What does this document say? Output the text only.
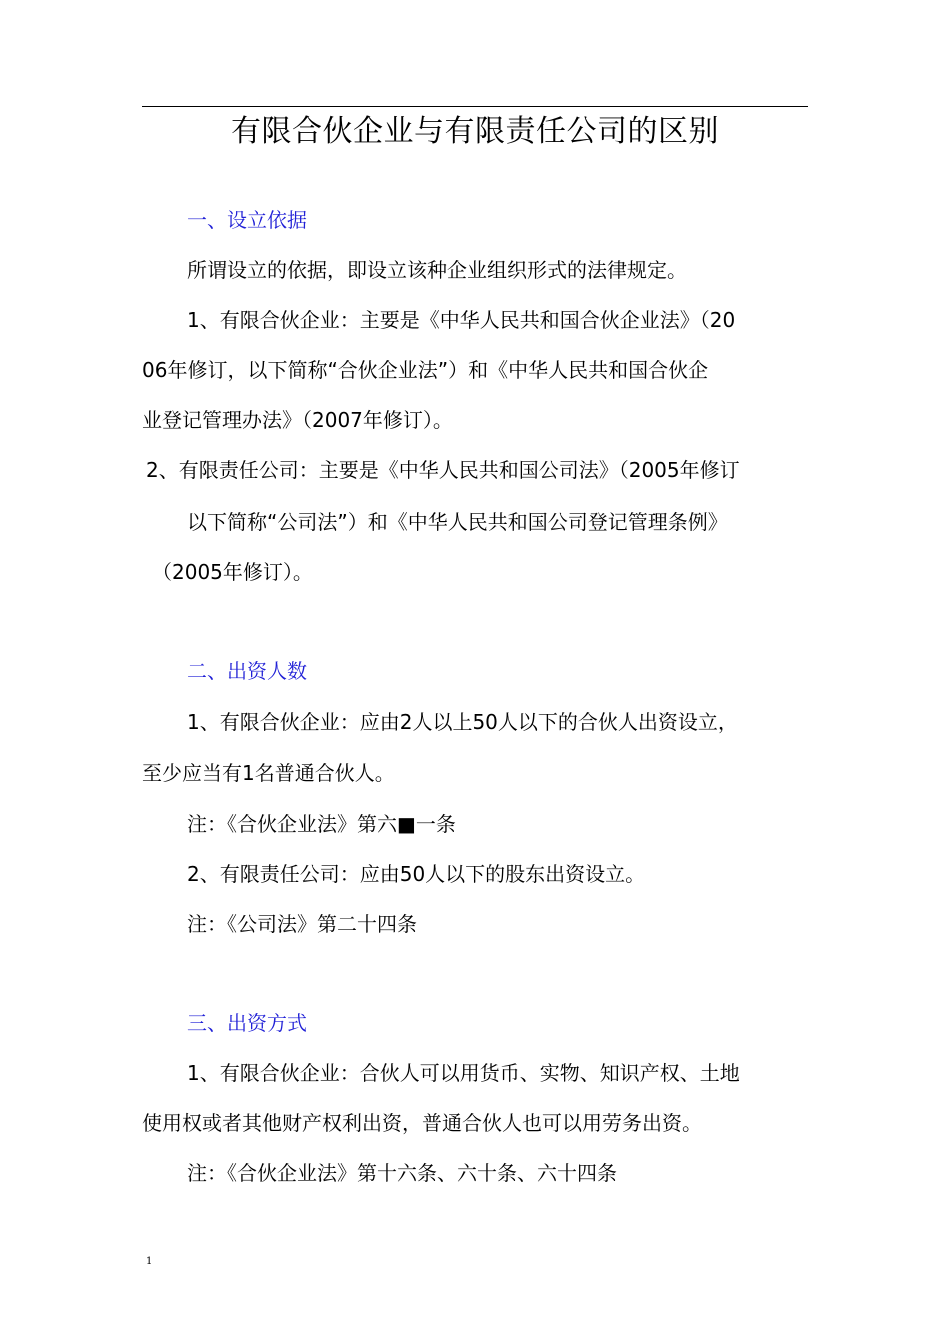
有限合伙企业与有限责任公司的区别
一、设立依据
所谓设立的依据，即设立该种企业组织形式的法律规定。
1、有限合伙企业：主要是《中华人民共和国合伙企业法》（20
06年修订，以下简称“合伙企业法”）和《中华人民共和国合伙企
业登记管理办法》（2007年修订）。
2、有限责任公司：主要是《中华人民共和国公司法》（2005年修订
以下简称“公司法”）和《中华人民共和国公司登记管理条例》
（2005年修订）。
二、出资人数
1、有限合伙企业：应由2人以上50人以下的合伙人出资设立，
至少应当有1名普通合伙人。
注：《合伙企业法》第六■一条
2、有限责任公司：应由50人以下的股东出资设立。
注：《公司法》第二十四条
三、出资方式
1、有限合伙企业：合伙人可以用货币、实物、知识产权、土地
使用权或者其他财产权利出资，普通合伙人也可以用劳务出资。
注：《合伙企业法》第十六条、六十条、六十四条
1
